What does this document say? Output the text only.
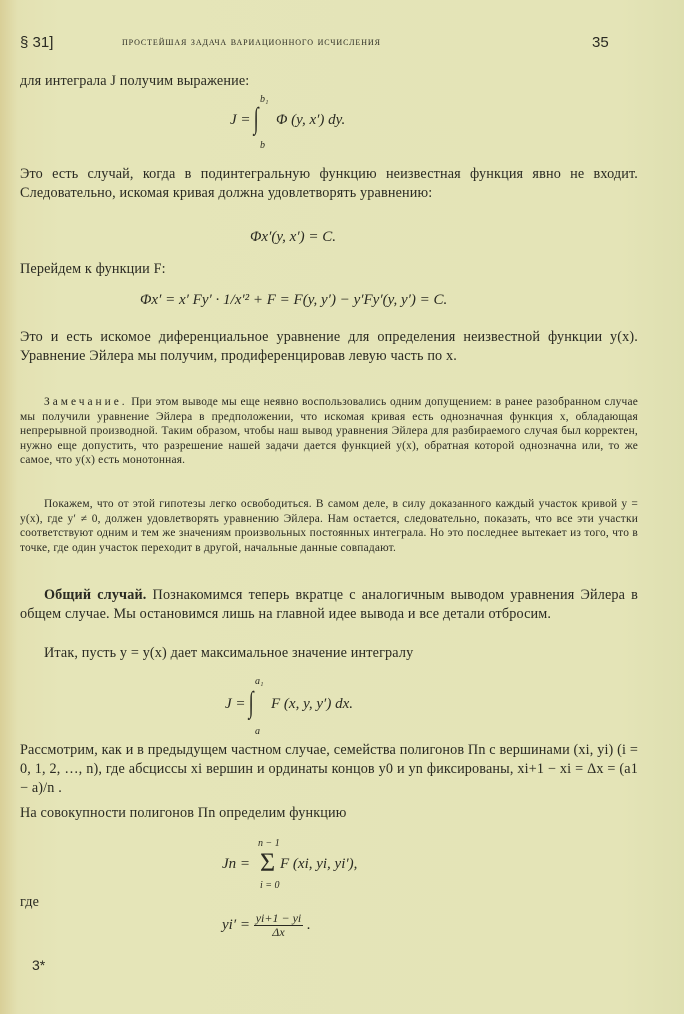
§ 31]	простейшая задача вариационного исчисления	35
для интеграла J получим выражение:
J = ∫
b₁
b
Φ (y, x′) dy.
Это есть случай, когда в подинтегральную функцию неизвестная функция явно не входит. Следовательно, искомая кривая должна удовлетворять уравнению:
Φx′(y, x′) = C.
Перейдем к функции F:
Φx′ = x′ Fy′ · 1/x′² + F = F(y, y′) − y′Fy′(y, y′) = C.
Это и есть искомое диференциальное уравнение для определения неизвестной функции y(x). Уравнение Эйлера мы получим, продиференцировав левую часть по x.
Замечание. При этом выводе мы еще неявно воспользовались одним допущением: в ранее разобранном случае мы получили уравнение Эйлера в предположении, что искомая кривая есть однозначная функция x, обладающая непрерывной производной. Таким образом, чтобы наш вывод уравнения Эйлера для разбираемого случая был корректен, нужно еще допустить, что разрешение нашей задачи дается функцией y(x), обратная которой однозначна или, то же самое, что y(x) есть монотонная.
Покажем, что от этой гипотезы легко освободиться. В самом деле, в силу доказанного каждый участок кривой y = y(x), где y′ ≠ 0, должен удовлетворять уравнению Эйлера. Нам остается, следовательно, показать, что все эти участки соответствуют одним и тем же значениям произвольных постоянных интеграла. Но это последнее вытекает из того, что в точке, где один участок переходит в другой, начальные данные совпадают.
Общий случай. Познакомимся теперь вкратце с аналогичным выводом уравнения Эйлера в общем случае. Мы остановимся лишь на главной идее вывода и все детали отбросим.
Итак, пусть y = y(x) дает максимальное значение интегралу
J = ∫
a₁
a
F (x, y, y′) dx.
Рассмотрим, как и в предыдущем частном случае, семейства полигонов Πn с вершинами (xi, yi) (i = 0, 1, 2, …, n), где абсциссы xi вершин и ординаты концов y0 и yn фиксированы, xi+1 − xi = Δx = (a1 − a)/n .
На совокупности полигонов Πn определим функцию
Jn = Σ
n − 1
i = 0
F (xi, yi, yi′),
где
$yi' = \frac{yi+1 - yi}{\Delta x}$ .
3*
